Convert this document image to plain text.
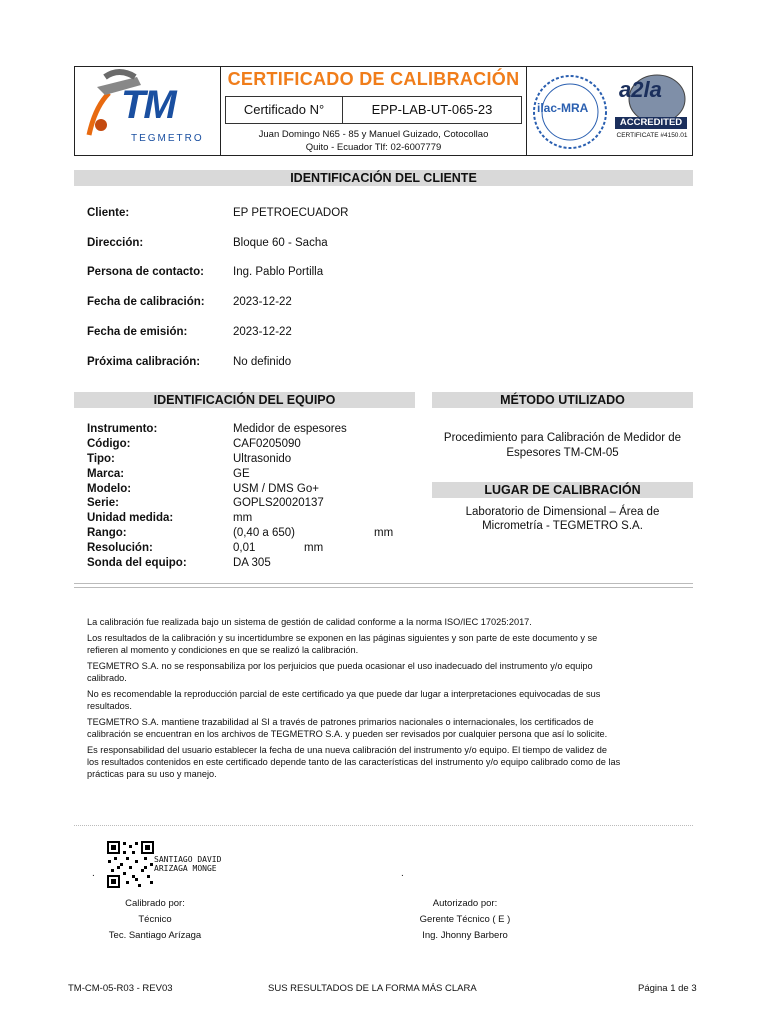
TM
TEGMETRO
CERTIFICADO DE CALIBRACIÓN
Certificado N°	EPP-LAB-UT-065-23
Juan Domingo N65 - 85 y Manuel Guizado, Cotocollao
Quito - Ecuador Tlf: 02-6007779
ilac-MRA
a2la
ACCREDITED
CERTIFICATE #4150.01
IDENTIFICACIÓN DEL CLIENTE
Cliente:	EP PETROECUADOR
Dirección:	Bloque 60 - Sacha
Persona de contacto:	Ing. Pablo Portilla
Fecha de calibración: 2023-12-22
Fecha de emisión:	2023-12-22
Próxima calibración:	No definido
IDENTIFICACIÓN DEL EQUIPO
Instrumento:	Medidor de espesores
Código:	CAF0205090
Tipo:	Ultrasonido
Marca:	GE
Modelo:	USM / DMS Go+
Serie:	GOPLS20020137
Unidad medida:	mm
Rango:	(0,40 a 650)	mm
Resolución:	0,01	mm
Sonda del equipo:	DA 305
MÉTODO UTILIZADO
Procedimiento para Calibración de Medidor de
Espesores TM-CM-05
LUGAR DE CALIBRACIÓN
Laboratorio de Dimensional – Área de
Micrometría - TEGMETRO S.A.
La calibración fue realizada bajo un sistema de gestión de calidad conforme a la norma ISO/IEC 17025:2017.
Los resultados de la calibración y su incertidumbre se exponen en las páginas siguientes y son parte de este documento y se
refieren al momento y condiciones en que se realizó la calibración.
TEGMETRO S.A. no se responsabiliza por los perjuicios que pueda ocasionar el uso inadecuado del instrumento y/o equipo
calibrado.
No es recomendable la reproducción parcial de este certificado ya que puede dar lugar a interpretaciones equivocadas de sus
resultados.
TEGMETRO S.A. mantiene trazabilidad al SI a través de patrones primarios nacionales o internacionales, los certificados de
calibración se encuentran en los archivos de TEGMETRO S.A. y pueden ser revisados por cualquier persona que así lo solicite.
Es responsabilidad del usuario establecer la fecha de una nueva calibración del instrumento y/o equipo. El tiempo de validez de
los resultados contenidos en este certificado depende tanto de las características del instrumento y/o equipo calibrado como de las
prácticas para su uso y manejo.
SANTIAGO DAVID
ARIZAGA MONGE
.	.
Calibrado por:
Técnico
Tec. Santiago Arízaga
Autorizado por:
Gerente Técnico ( E )
Ing. Jhonny Barbero
TM-CM-05-R03 - REV03	SUS RESULTADOS DE LA FORMA MÁS CLARA	Página 1 de 3
